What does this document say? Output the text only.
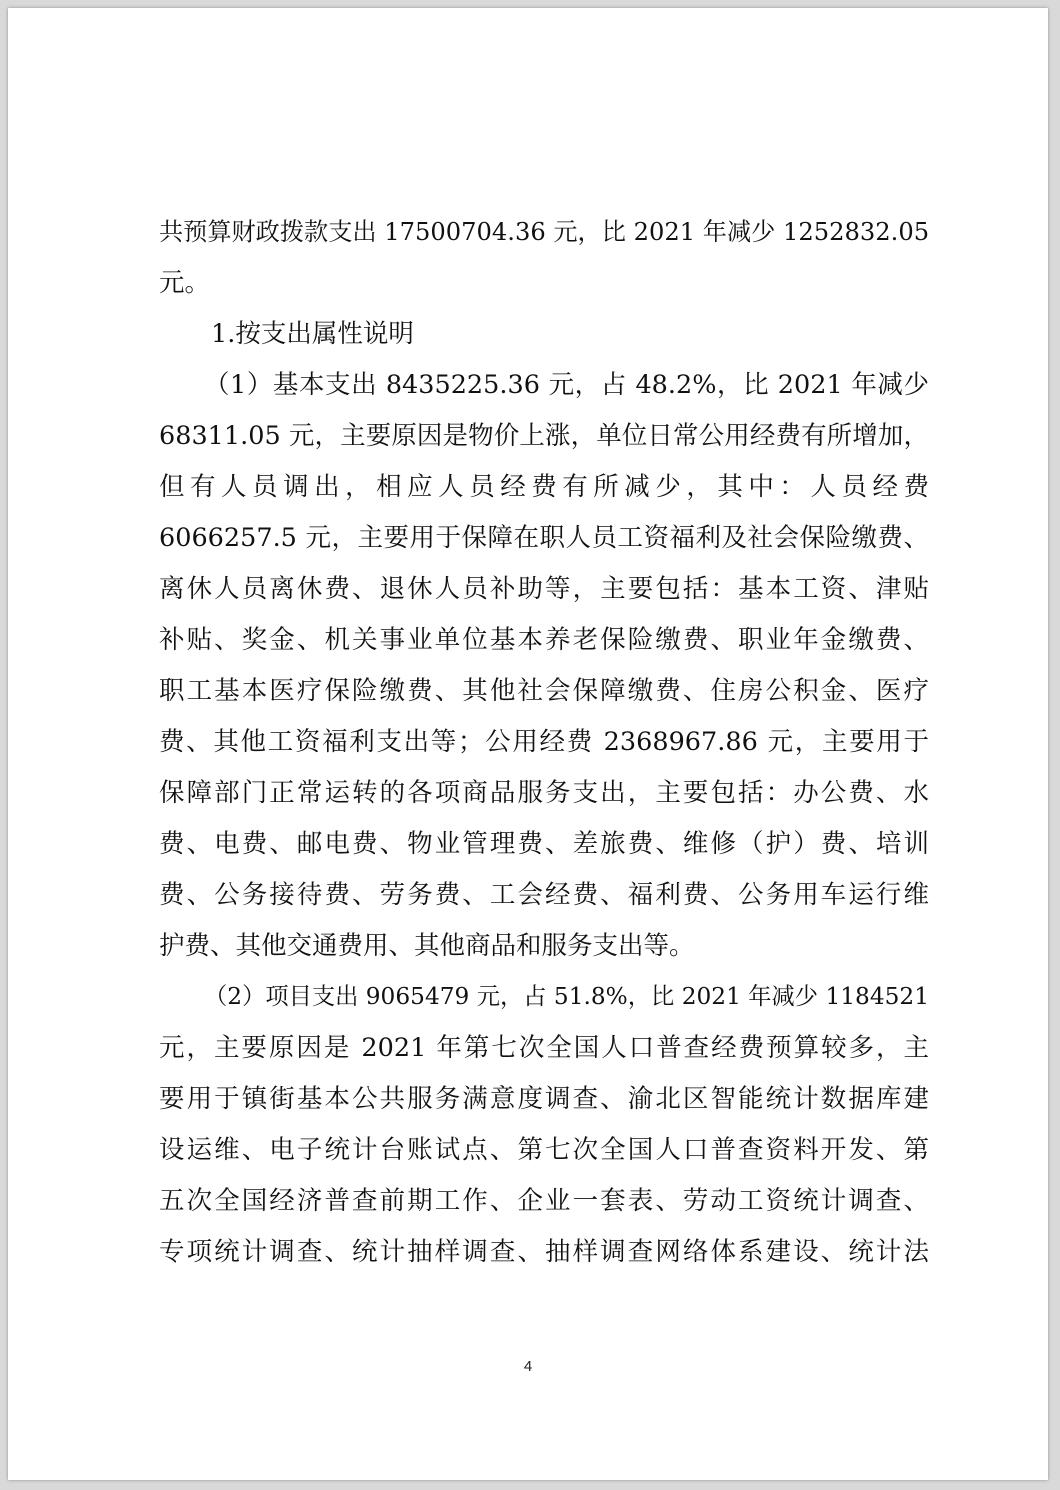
共预算财政拨款支出 17500704.36 元，比 2021 年减少 1252832.05
元。
1.按支出属性说明
（1）基本支出 8435225.36 元，占 48.2%，比 2021 年减少
68311.05 元，主要原因是物价上涨，单位日常公用经费有所增加，
但有人员调出，相应人员经费有所减少，其中：人员经费
6066257.5 元，主要用于保障在职人员工资福利及社会保险缴费、
离休人员离休费、退休人员补助等，主要包括：基本工资、津贴
补贴、奖金、机关事业单位基本养老保险缴费、职业年金缴费、
职工基本医疗保险缴费、其他社会保障缴费、住房公积金、医疗
费、其他工资福利支出等；公用经费 2368967.86 元，主要用于
保障部门正常运转的各项商品服务支出，主要包括：办公费、水
费、电费、邮电费、物业管理费、差旅费、维修（护）费、培训
费、公务接待费、劳务费、工会经费、福利费、公务用车运行维
护费、其他交通费用、其他商品和服务支出等。
（2）项目支出 9065479 元，占 51.8%，比 2021 年减少 1184521
元，主要原因是 2021 年第七次全国人口普查经费预算较多，主
要用于镇街基本公共服务满意度调查、渝北区智能统计数据库建
设运维、电子统计台账试点、第七次全国人口普查资料开发、第
五次全国经济普查前期工作、企业一套表、劳动工资统计调查、
专项统计调查、统计抽样调查、抽样调查网络体系建设、统计法
4
